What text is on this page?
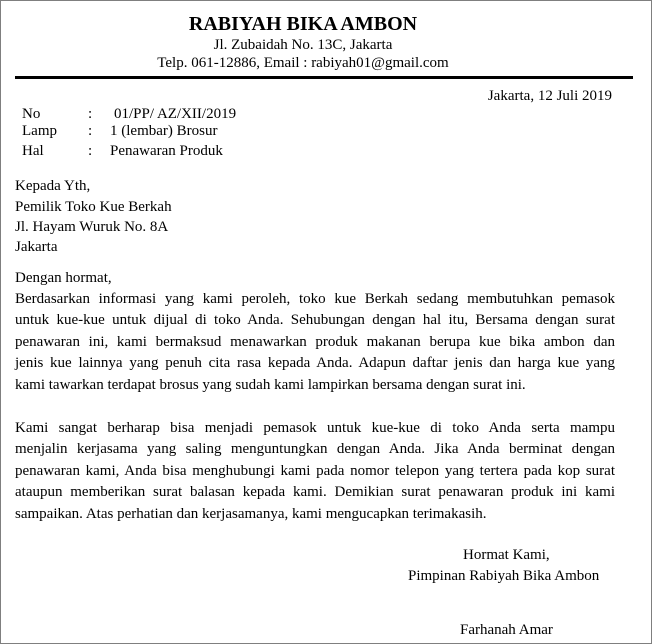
RABIYAH BIKA AMBON
Jl. Zubaidah No. 13C, Jakarta
Telp. 061-12886, Email : rabiyah01@gmail.com
Jakarta, 12 Juli 2019
No	: 01/PP/ AZ/XII/2019
Lamp : 1 (lembar) Brosur
Hal	: Penawaran Produk
Kepada Yth,
Pemilik Toko Kue Berkah
Jl. Hayam Wuruk No. 8A
Jakarta
Dengan hormat,
Berdasarkan informasi yang kami peroleh, toko kue Berkah sedang membutuhkan pemasok
untuk kue-kue untuk dijual di toko Anda. Sehubungan dengan hal itu, Bersama dengan surat
penawaran ini, kami bermaksud menawarkan produk makanan berupa kue bika ambon dan
jenis kue lainnya yang penuh cita rasa kepada Anda. Adapun daftar jenis dan harga kue yang
kami tawarkan terdapat brosus yang sudah kami lampirkan bersama dengan surat ini.
Kami sangat berharap bisa menjadi pemasok untuk kue-kue di toko Anda serta mampu
menjalin kerjasama yang saling menguntungkan dengan Anda. Jika Anda berminat dengan
penawaran kami, Anda bisa menghubungi kami pada nomor telepon yang tertera pada kop surat
ataupun memberikan surat balasan kepada kami. Demikian surat penawaran produk ini kami
sampaikan. Atas perhatian dan kerjasamanya, kami mengucapkan terimakasih.
Hormat Kami,
Pimpinan Rabiyah Bika Ambon
Farhanah Amar
